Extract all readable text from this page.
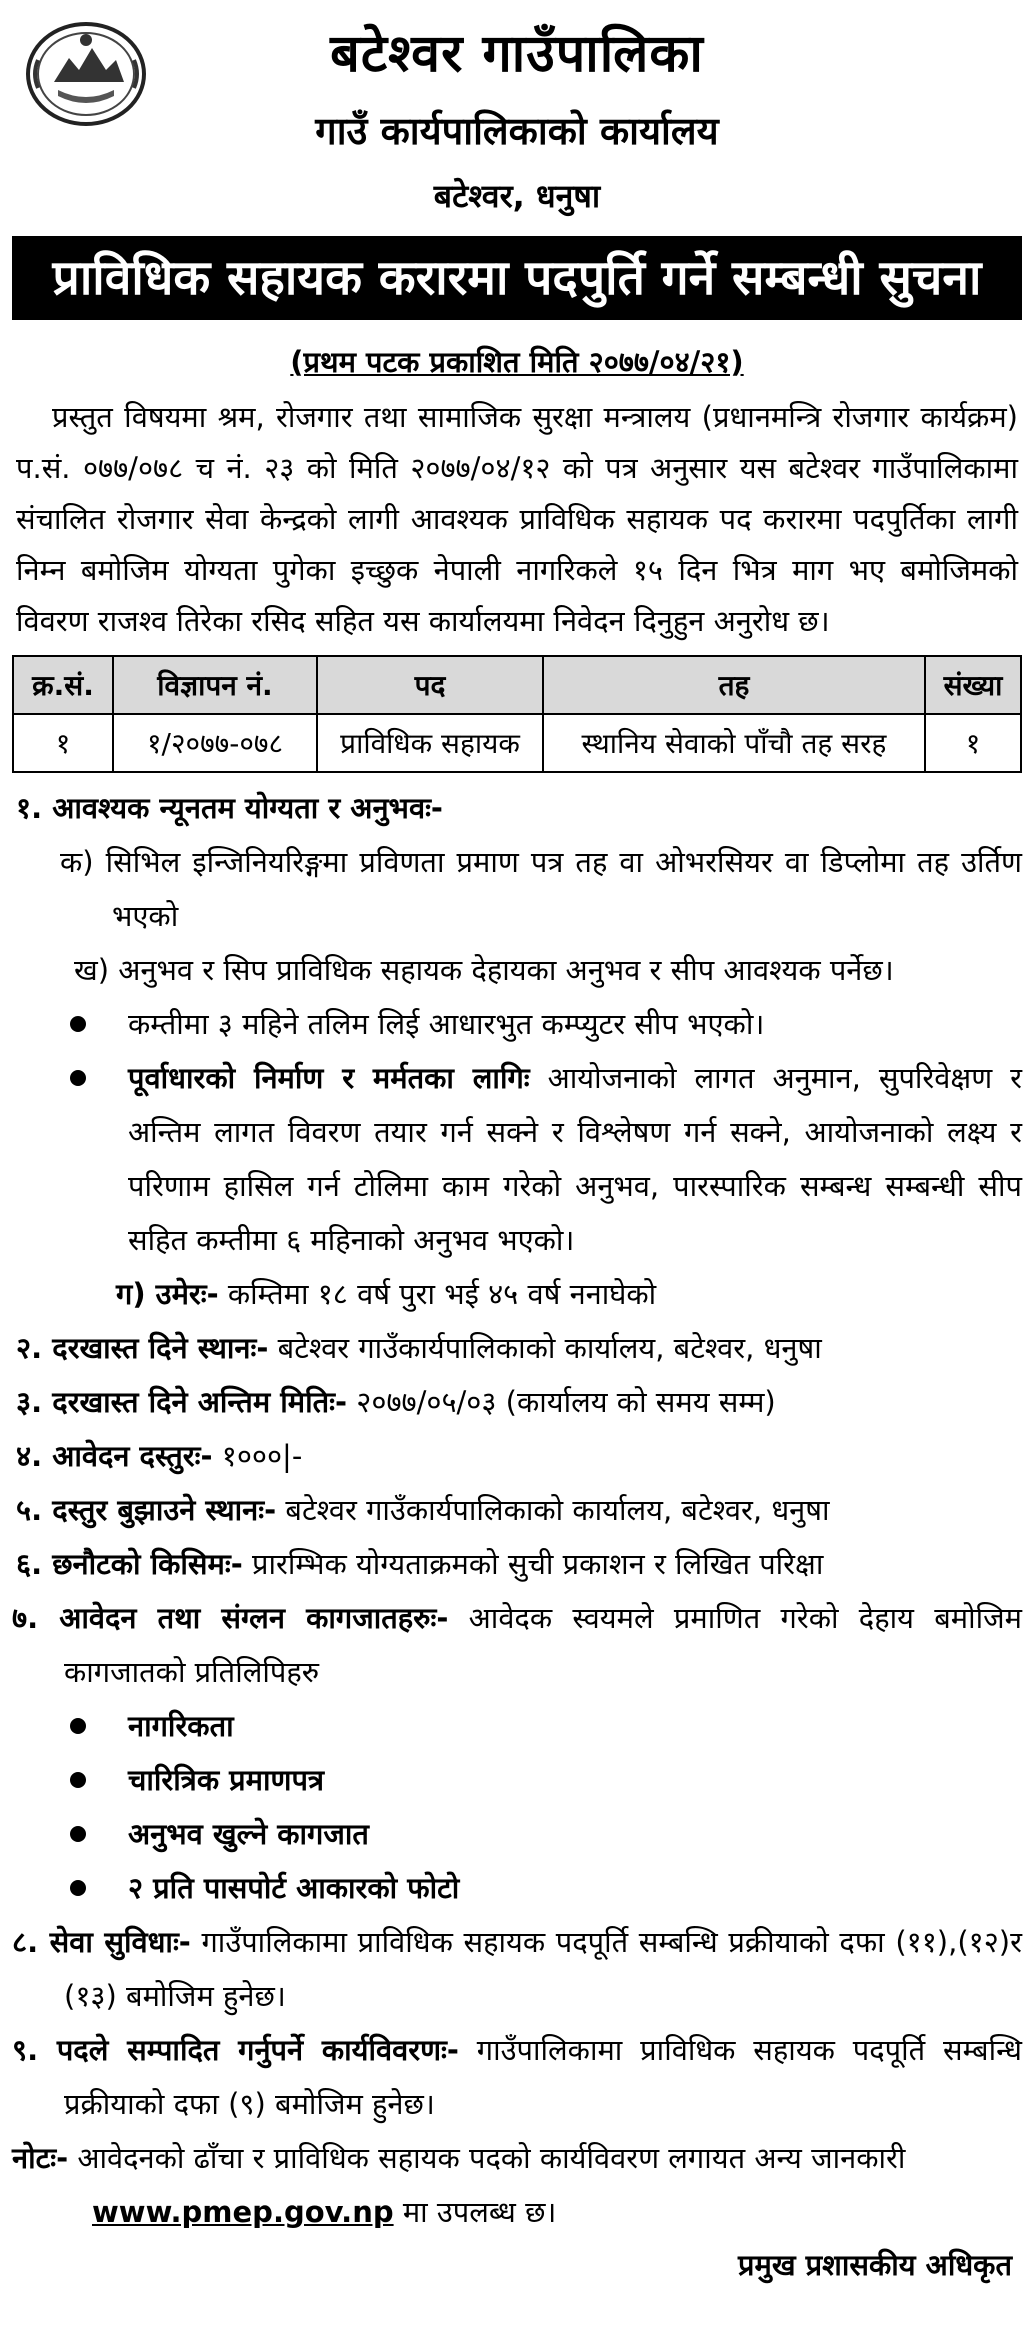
बटेश्वर गाउँपालिका
गाउँ कार्यपालिकाको कार्यालय
बटेश्वर, धनुषा
प्राविधिक सहायक करारमा पदपुर्ति गर्ने सम्बन्धी सुचना
(प्रथम पटक प्रकाशित मिति २०७७/०४/२१)
प्रस्तुत विषयमा श्रम, रोजगार तथा सामाजिक सुरक्षा मन्त्रालय (प्रधानमन्त्रि रोजगार कार्यक्रम) प.सं. ०७७/०७८ च नं. २३ को मिति २०७७/०४/१२ को पत्र अनुसार यस बटेश्वर गाउँपालिकामा संचालित रोजगार सेवा केन्द्रको लागी आवश्यक प्राविधिक सहायक पद करारमा पदपुर्तिका लागी निम्न बमोजिम योग्यता पुगेका इच्छुक नेपाली नागरिकले १५ दिन भित्र माग भए बमोजिमको विवरण राजश्व तिरेका रसिद सहित यस कार्यालयमा निवेदन दिनुहुन अनुरोध छ।
क्र.सं.	विज्ञापन नं.	पद	तह	संख्या
१	१/२०७७-०७८	प्राविधिक सहायक	स्थानिय सेवाको पाँचौ तह सरह	१
१. आवश्यक न्यूनतम योग्यता र अनुभवः-
क) सिभिल इन्जिनियरिङ्गमा प्रविणता प्रमाण पत्र तह वा ओभरसियर वा डिप्लोमा तह उर्तिण भएको
ख) अनुभव र सिप प्राविधिक सहायक देहायका अनुभव र सीप आवश्यक पर्नेछ।
कम्तीमा ३ महिने तलिम लिई आधारभुत कम्प्युटर सीप भएको।
पूर्वाधारको निर्माण र मर्मतका लागिः आयोजनाको लागत अनुमान, सुपरिवेक्षण र अन्तिम लागत विवरण तयार गर्न सक्ने र विश्लेषण गर्न सक्ने, आयोजनाको लक्ष्य र परिणाम हासिल गर्न टोलिमा काम गरेको अनुभव, पारस्पारिक सम्बन्ध सम्बन्धी सीप सहित कम्तीमा ६ महिनाको अनुभव भएको।
ग) उमेरः- कम्तिमा १८ वर्ष पुरा भई ४५ वर्ष ननाघेको
२. दरखास्त दिने स्थानः- बटेश्वर गाउँकार्यपालिकाको कार्यालय, बटेश्वर, धनुषा
३. दरखास्त दिने अन्तिम मितिः- २०७७/०५/०३ (कार्यालय को समय सम्म)
४. आवेदन दस्तुरः- १०००|-
५. दस्तुर बुझाउने स्थानः- बटेश्वर गाउँकार्यपालिकाको कार्यालय, बटेश्वर, धनुषा
६. छनौटको किसिमः- प्रारम्भिक योग्यताक्रमको सुची प्रकाशन र लिखित परिक्षा
७. आवेदन तथा संग्लन कागजातहरुः- आवेदक स्वयमले प्रमाणित गरेको देहाय बमोजिम कागजातको प्रतिलिपिहरु
नागरिकता
चारित्रिक प्रमाणपत्र
अनुभव खुल्ने कागजात
२ प्रति पासपोर्ट आकारको फोटो
८. सेवा सुविधाः- गाउँपालिकामा प्राविधिक सहायक पदपूर्ति सम्बन्धि प्रक्रीयाको दफा (११),(१२)र (१३) बमोजिम हुनेछ।
९. पदले सम्पादित गर्नुपर्ने कार्यविवरणः- गाउँपालिकामा प्राविधिक सहायक पदपूर्ति सम्बन्धि प्रक्रीयाको दफा (९) बमोजिम हुनेछ।
नोटः- आवेदनको ढाँचा र प्राविधिक सहायक पदको कार्यविवरण लगायत अन्य जानकारी
www.pmep.gov.np मा उपलब्ध छ।
प्रमुख प्रशासकीय अधिकृत
